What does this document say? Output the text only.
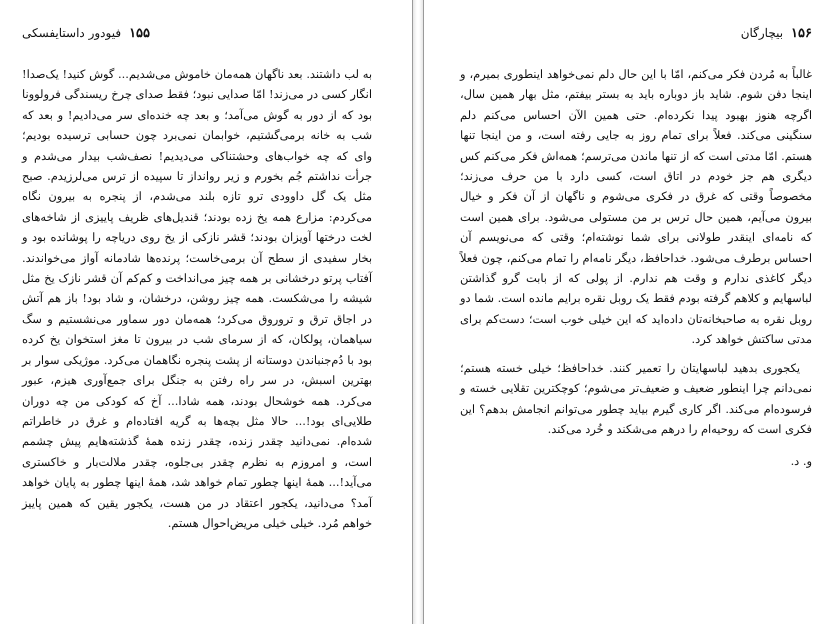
۱۵۵
فیودور داستایفسکی

به لب داشتند. بعد ناگهان همه‌مان خاموش می‌شدیم... گوش کنید! یک‌صدا! انگار کسی در می‌زند! امّا صدایی نبود؛ فقط صدای چرخ ریسندگی فرولوونا بود که از دور به گوش می‌آمد؛ و بعد چه خنده‌ای سر می‌دادیم! و بعد که شب به خانه برمی‌گشتیم، خوابمان نمی‌برد چون حسابی ترسیده بودیم؛ وای که چه خواب‌های وحشتناکی می‌دیدیم! نصف‌شب بیدار می‌شدم و جرأت نداشتم جُم بخورم و زیر روانداز تا سپیده از ترس می‌لرزیدم. صبح مثل یک گل داوودی ترو تازه بلند می‌شدم، از پنجره به بیرون نگاه می‌کردم: مزارع همه یخ زده بودند؛ قندیل‌های ظریف پاییزی از شاخه‌های لخت درختها آویزان بودند؛ قشر نازکی از یخ روی دریاچه را پوشانده بود و بخار سفیدی از سطح آن برمی‌خاست؛ پرنده‌ها شادمانه آواز می‌خواندند. آفتاب پرتو درخشانی بر همه چیز می‌انداخت و کم‌کم آن قشر نازک یخ مثل شیشه را می‌شکست. همه چیز روشن، درخشان، و شاد بود! باز هم آتش در اجاق ترق و تروروق می‌کرد؛ همه‌مان دور سماور می‌نشستیم و سگ سیاهمان، پولکان، که از سرمای شب در بیرون تا مغز استخوان یخ کرده بود با دُم‌جنباندن دوستانه از پشت پنجره نگاهمان می‌کرد. موژیکی سوار بر بهترین اسبش، در سر راه رفتن به جنگل برای جمع‌آوری هیزم، عبور می‌کرد. همه خوشحال بودند، همه شادا... آخ که کودکی من چه دوران طلایی‌ای بود!... حالا مثل بچه‌ها به گریه افتاده‌ام و غرق در خاطراتم شده‌ام. نمی‌دانید چقدر زنده، چقدر زنده همهٔ گذشته‌هایم پیش چشمم است، و امروزم به نظرم چقدر بی‌جلوه، چقدر ملالت‌بار و خاکستری می‌آید!... همهٔ اینها چطور تمام خواهد شد، همهٔ اینها چطور به پایان خواهد آمد؟ می‌دانید، یکجور اعتقاد در من هست، یکجور یقین که همین پاییز خواهم مُرد. خیلی خیلی مریض‌احوال هستم.

۱۵۶
بیچارگان

غالباً به مُردن فکر می‌کنم، امّا با این حال دلم نمی‌خواهد اینطوری بمیرم، و اینجا دفن شوم. شاید باز دوباره باید به بستر بیفتم، مثل بهار همین سال، اگرچه هنوز بهبود پیدا نکرده‌ام. حتی همین الآن احساس می‌کنم دلم سنگینی می‌کند. فعلاً برای تمام روز به جایی رفته است، و من اینجا تنها هستم. امّا مدتی است که از تنها ماندن می‌ترسم؛ همه‌اش فکر می‌کنم کس دیگری هم جز خودم در اتاق است، کسی دارد با من حرف می‌زند؛ مخصوصاً وقتی که غرق در فکری می‌شوم و ناگهان از آن فکر و خیال بیرون می‌آیم، همین حال ترس بر من مستولی می‌شود. برای همین است که نامه‌ای اینقدر طولانی برای شما نوشته‌ام؛ وقتی که می‌نویسم آن احساس برطرف می‌شود. خداحافظ، دیگر نامه‌ام را تمام می‌کنم، چون فعلاً دیگر کاغذی ندارم و وقت هم ندارم. از پولی که از بابت گرو گذاشتن لباسهایم و کلاهم گرفته بودم فقط یک روبل نقره برایم مانده است. شما دو روبل نقره به صاحبخانه‌تان داده‌اید که این خیلی خوب است؛ دست‌کم برای مدتی ساکتش خواهد کرد.

یکجوری بدهید لباسهایتان را تعمیر کنند. خداحافظ؛ خیلی خسته هستم؛ نمی‌دانم چرا اینطور ضعیف و ضعیف‌تر می‌شوم؛ کوچکترین تقلایی خسته و فرسوده‌ام می‌کند. اگر کاری گیرم بیاید چطور می‌توانم انجامش بدهم؟ این فکری است که روحیه‌ام را درهم می‌شکند و خُرد می‌کند.

و. د.
